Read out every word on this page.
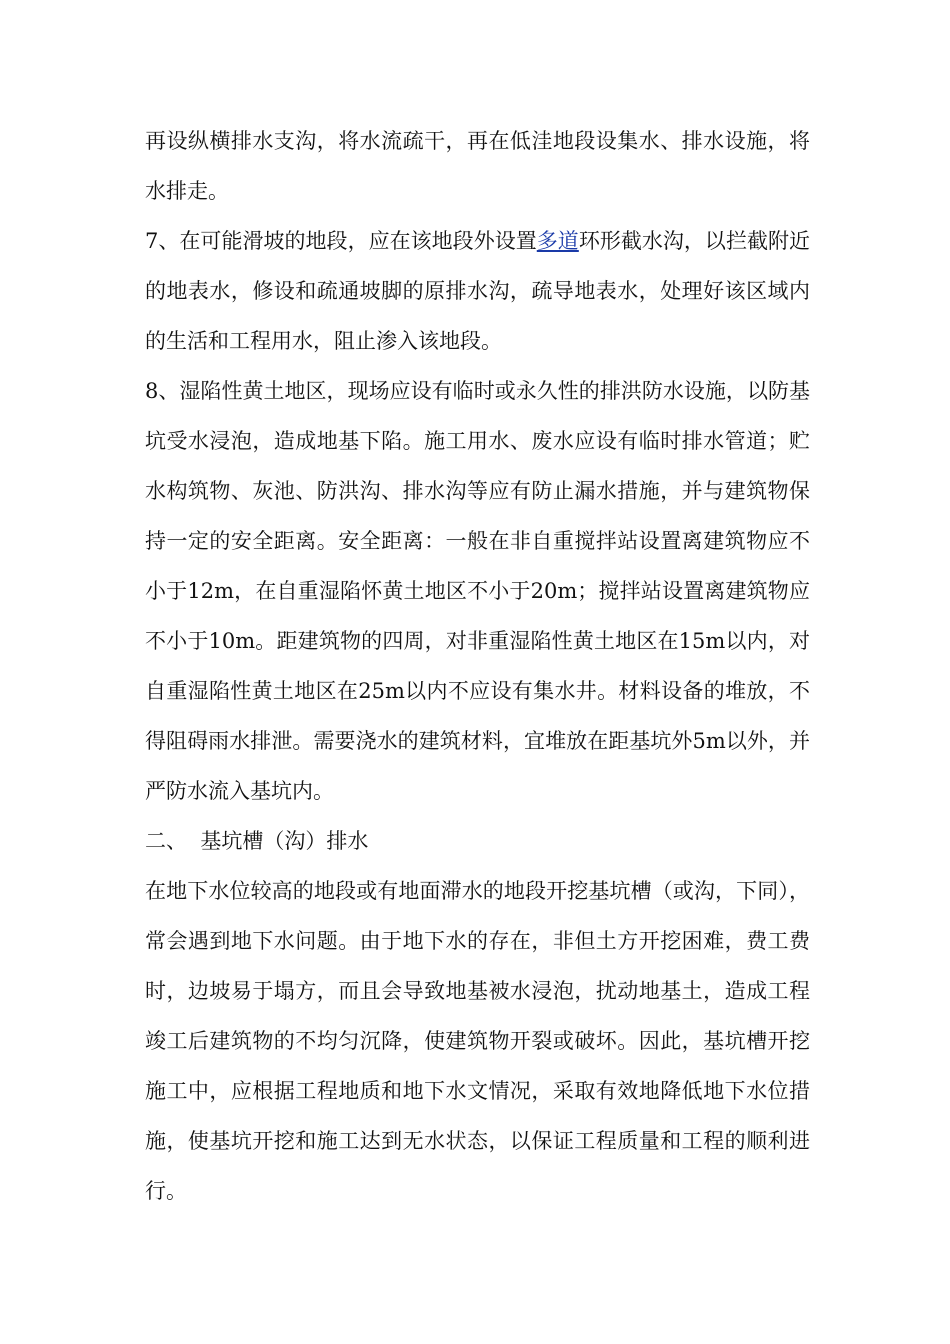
再设纵横排水支沟，将水流疏干，再在低洼地段设集水、排水设施，将水排走。

7、在可能滑坡的地段，应在该地段外设置多道环形截水沟，以拦截附近的地表水，修设和疏通坡脚的原排水沟，疏导地表水，处理好该区域内的生活和工程用水，阻止渗入该地段。

8、湿陷性黄土地区，现场应设有临时或永久性的排洪防水设施，以防基坑受水浸泡，造成地基下陷。施工用水、废水应设有临时排水管道；贮水构筑物、灰池、防洪沟、排水沟等应有防止漏水措施，并与建筑物保持一定的安全距离。安全距离：一般在非自重搅拌站设置离建筑物应不小于12m，在自重湿陷怀黄土地区不小于20m；搅拌站设置离建筑物应不小于10m。距建筑物的四周，对非重湿陷性黄土地区在15m以内，对自重湿陷性黄土地区在25m以内不应设有集水井。材料设备的堆放，不得阻碍雨水排泄。需要浇水的建筑材料，宜堆放在距基坑外5m以外，并严防水流入基坑内。

二、  基坑槽（沟）排水

在地下水位较高的地段或有地面滞水的地段开挖基坑槽（或沟，下同），常会遇到地下水问题。由于地下水的存在，非但土方开挖困难，费工费时，边坡易于塌方，而且会导致地基被水浸泡，扰动地基土，造成工程竣工后建筑物的不均匀沉降，使建筑物开裂或破坏。因此，基坑槽开挖施工中，应根据工程地质和地下水文情况，采取有效地降低地下水位措施，使基坑开挖和施工达到无水状态，以保证工程质量和工程的顺利进行。
